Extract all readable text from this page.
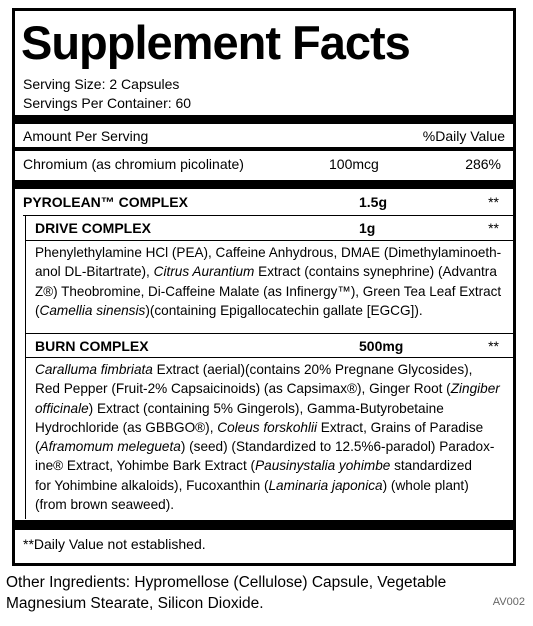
Supplement Facts
Serving Size: 2 Capsules
Servings Per Container: 60
Amount Per Serving	%Daily Value
Chromium (as chromium picolinate)	100mcg	286%
PYROLEAN™ COMPLEX	1.5g	**
DRIVE COMPLEX	1g	**
Phenylethylamine HCl (PEA), Caffeine Anhydrous, DMAE (Dimethylaminoeth-
anol DL-Bitartrate), Citrus Aurantium Extract (contains synephrine) (Advantra
Z®) Theobromine, Di-Caffeine Malate (as Infinergy™), Green Tea Leaf Extract
(Camellia sinensis)(containing Epigallocatechin gallate [EGCG]).
BURN COMPLEX	500mg	**
Caralluma fimbriata Extract (aerial)(contains 20% Pregnane Glycosides),
Red Pepper (Fruit-2% Capsaicinoids) (as Capsimax®), Ginger Root (Zingiber
officinale) Extract (containing 5% Gingerols), Gamma-Butyrobetaine
Hydrochloride (as GBBGO®), Coleus forskohlii Extract, Grains of Paradise
(Aframomum melegueta) (seed) (Standardized to 12.5%6-paradol) Paradox-
ine® Extract, Yohimbe Bark Extract (Pausinystalia yohimbe standardized
for Yohimbine alkaloids), Fucoxanthin (Laminaria japonica) (whole plant)
(from brown seaweed).
**Daily Value not established.
Other Ingredients: Hypromellose (Cellulose) Capsule, Vegetable Magnesium Stearate, Silicon Dioxide.	AV002
